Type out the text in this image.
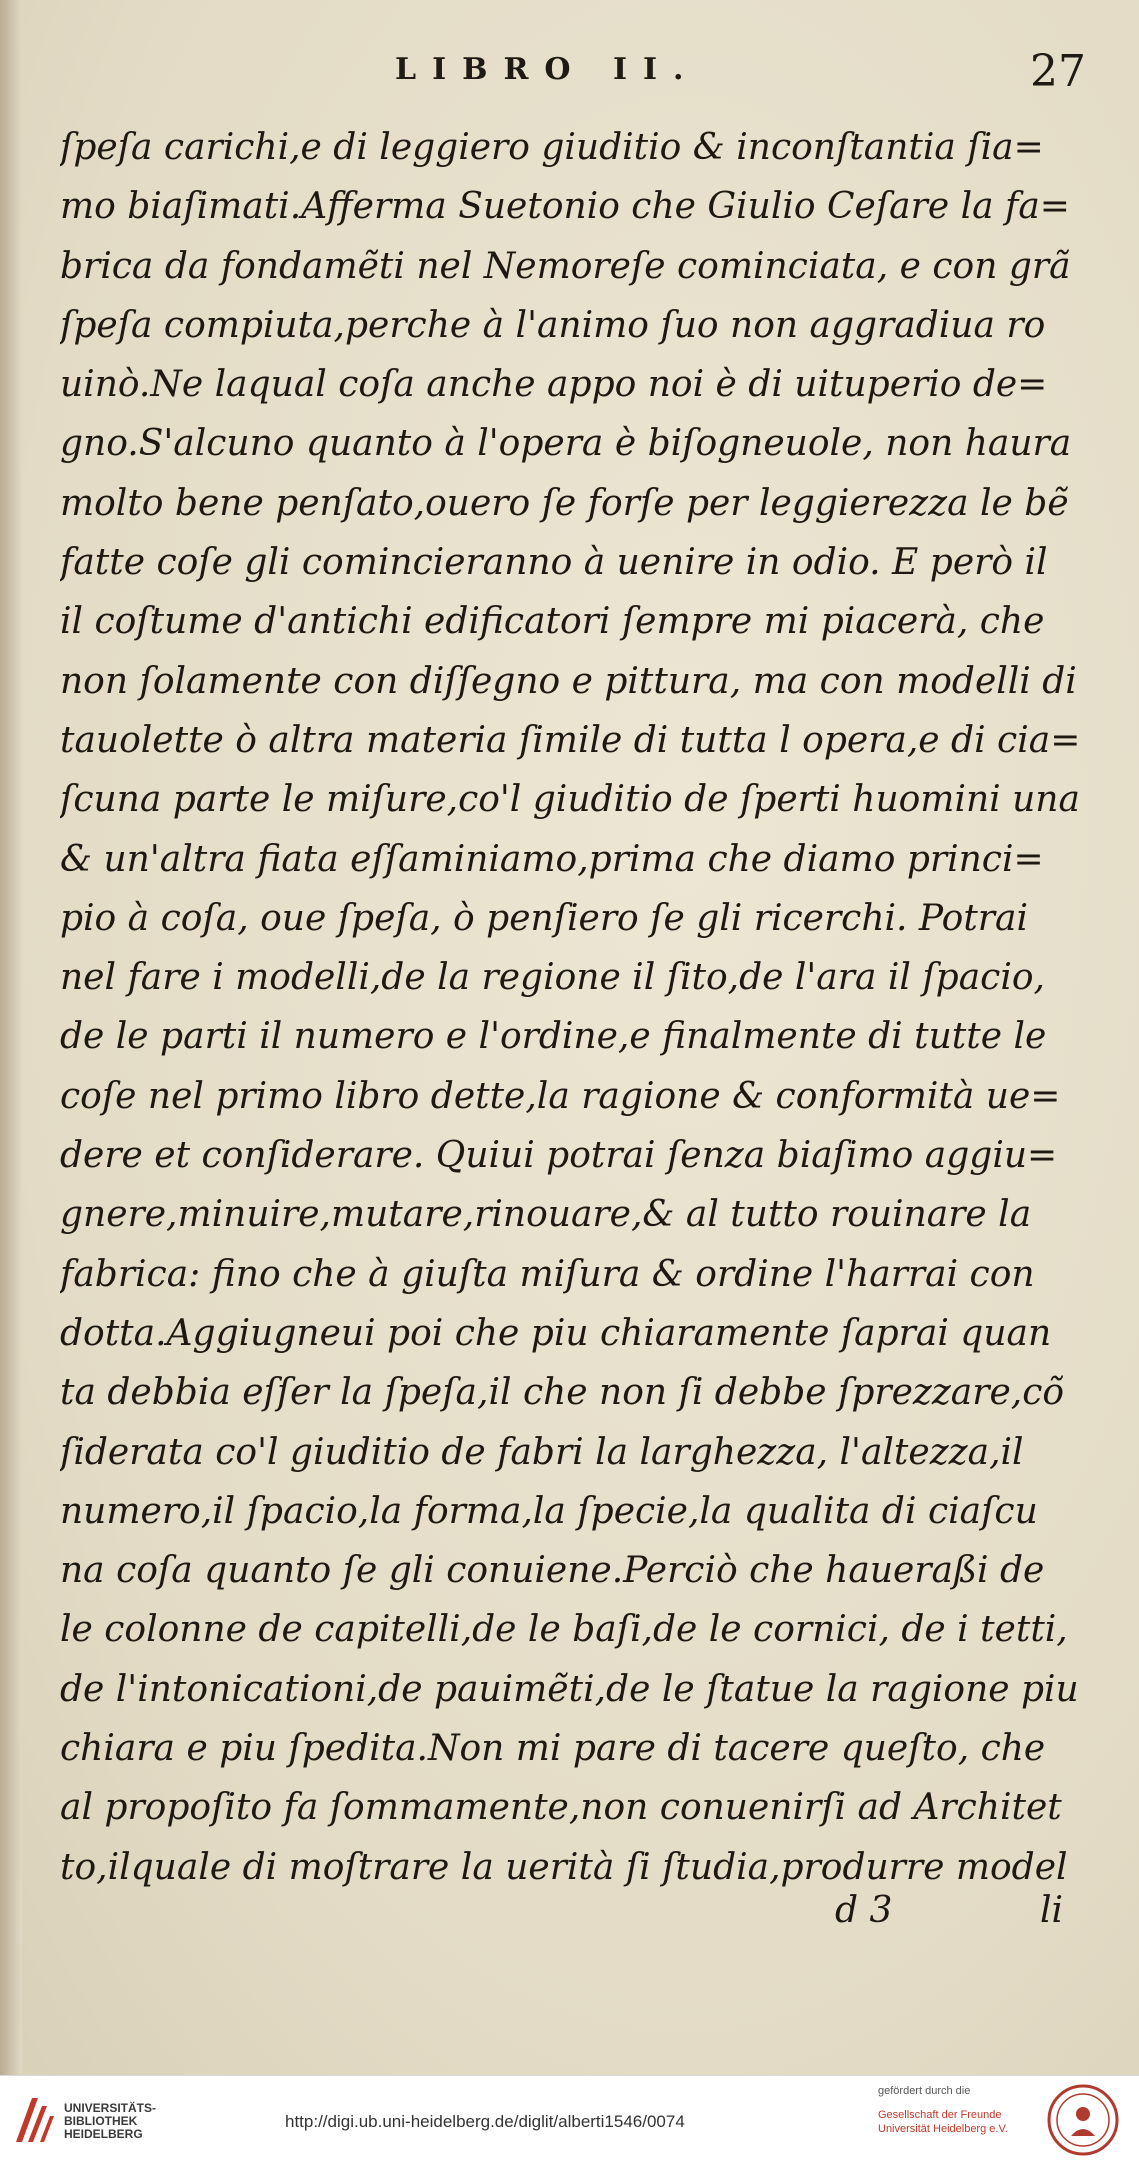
LIBRO II.	27
ſpeſa carichi,e di leggiero giuditio & inconſtantia ſia=
mo biaſimati.Afferma Suetonio che Giulio Ceſare la fa=
brica da fondamẽti nel Nemoreſe cominciata, e con grã
ſpeſa compiuta,perche à l'animo ſuo non aggradiua ro
uinò.Ne laqual coſa anche appo noi è di uituperio de=
gno.S'alcuno quanto à l'opera è biſogneuole, non haura
molto bene penſato,ouero ſe forſe per leggierezza le bẽ
fatte coſe gli comincieranno à uenire in odio. E però il
il coſtume d'antichi edificatori ſempre mi piacerà, che
non ſolamente con diſſegno e pittura, ma con modelli di
tauolette ò altra materia ſimile di tutta l opera,e di cia=
ſcuna parte le miſure,co'l giuditio de ſperti huomini una
& un'altra fiata eſſaminiamo,prima che diamo princi=
pio à coſa, oue ſpeſa, ò penſiero ſe gli ricerchi. Potrai
nel fare i modelli,de la regione il ſito,de l'ara il ſpacio,
de le parti il numero e l'ordine,e finalmente di tutte le
coſe nel primo libro dette,la ragione & conformità ue=
dere et conſiderare. Quiui potrai ſenza biaſimo aggiu=
gnere,minuire,mutare,rinouare,& al tutto rouinare la
fabrica: fino che à giuſta miſura & ordine l'harrai con
dotta.Aggiugneui poi che piu chiaramente ſaprai quan
ta debbia eſſer la ſpeſa,il che non ſi debbe ſprezzare,cõ
ſiderata co'l giuditio de fabri la larghezza, l'altezza,il
numero,il ſpacio,la forma,la ſpecie,la qualita di ciaſcu
na coſa quanto ſe gli conuiene.Perciò che haueraßi de
le colonne de capitelli,de le baſi,de le cornici, de i tetti,
de l'intonicationi,de pauimẽti,de le ſtatue la ragione piu
chiara e piu ſpedita.Non mi pare di tacere queſto, che
al propoſito fa ſommamente,non conuenirſi ad Architet
to,ilquale di moſtrare la uerità ſi ſtudia,produrre model
d 3	li
UNIVERSITÄTS-
BIBLIOTHEK
HEIDELBERG
http://digi.ub.uni-heidelberg.de/diglit/alberti1546/0074
gefördert durch die
Gesellschaft der Freunde
Universität Heidelberg e.V.
